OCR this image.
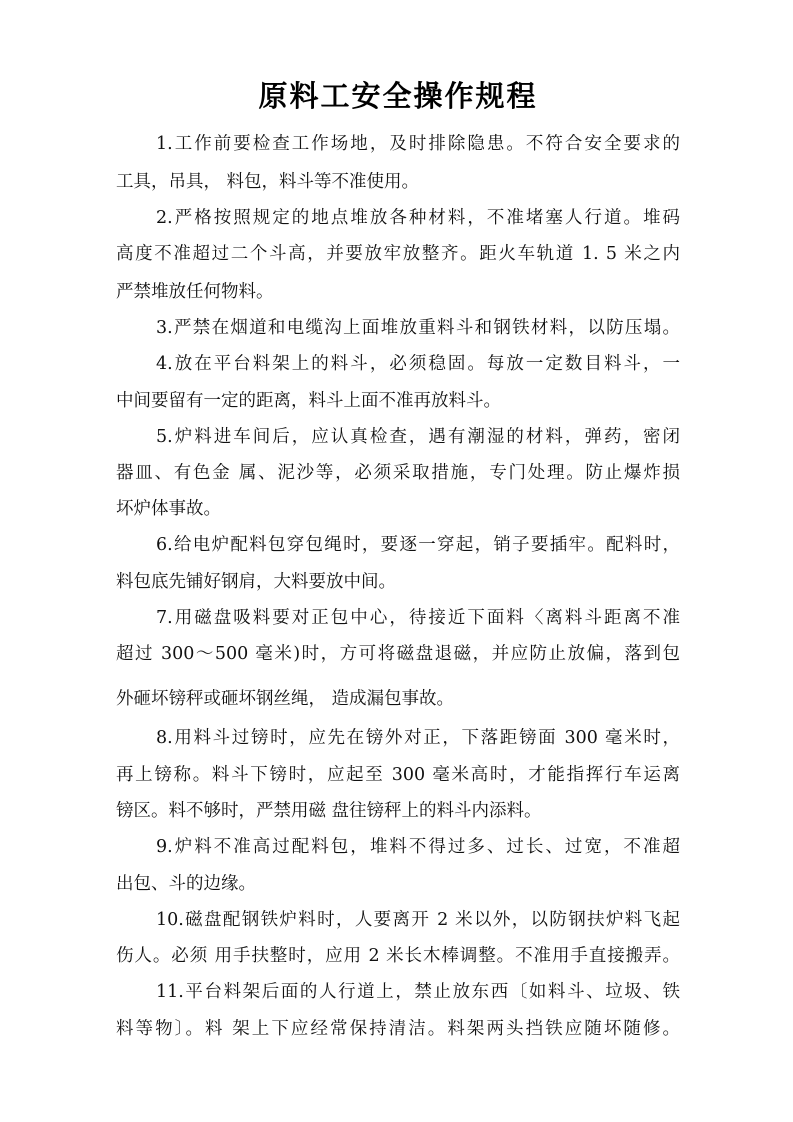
原料工安全操作规程
1.工作前要检查工作场地，及时排除隐患。不符合安全要求的
工具，吊具， 料包，料斗等不准使用。
2.严格按照规定的地点堆放各种材料，不准堵塞人行道。堆码
高度不准超过二个斗高，并要放牢放整齐。距火车轨道 1. 5 米之内
严禁堆放任何物料。
3.严禁在烟道和电缆沟上面堆放重料斗和钢铁材料，以防压塌。
4.放在平台料架上的料斗，必须稳固。每放一定数目料斗，一
中间要留有一定的距离，料斗上面不准再放料斗。
5.炉料进车间后，应认真检查，遇有潮湿的材料，弹药，密闭
器皿、有色金 属、泥沙等，必须采取措施，专门处理。防止爆炸损
坏炉体事故。
6.给电炉配料包穿包绳时，要逐一穿起，销子要插牢。配料时，
料包底先铺好钢肩，大料要放中间。
7.用磁盘吸料要对正包中心，待接近下面料〈离料斗距离不准
超过 300～500 毫米)时，方可将磁盘退磁，并应防止放偏，落到包
外砸坏镑秤或砸坏钢丝绳， 造成漏包事故。
8.用料斗过镑时，应先在镑外对正，下落距镑面 300 毫米时，
再上镑称。料斗下镑时，应起至 300 毫米高时，才能指挥行车运离
镑区。料不够时，严禁用磁 盘往镑秤上的料斗内添料。
9.炉料不准高过配料包，堆料不得过多、过长、过宽，不准超
出包、斗的边缘。
10.磁盘配钢铁炉料时，人要离开 2 米以外，以防钢扶炉料飞起
伤人。必须 用手扶整时，应用 2 米长木棒调整。不准用手直接搬弄。
11.平台料架后面的人行道上，禁止放东西〔如料斗、垃圾、铁
料等物〕。料 架上下应经常保持清洁。料架两头挡铁应随坏随修。
